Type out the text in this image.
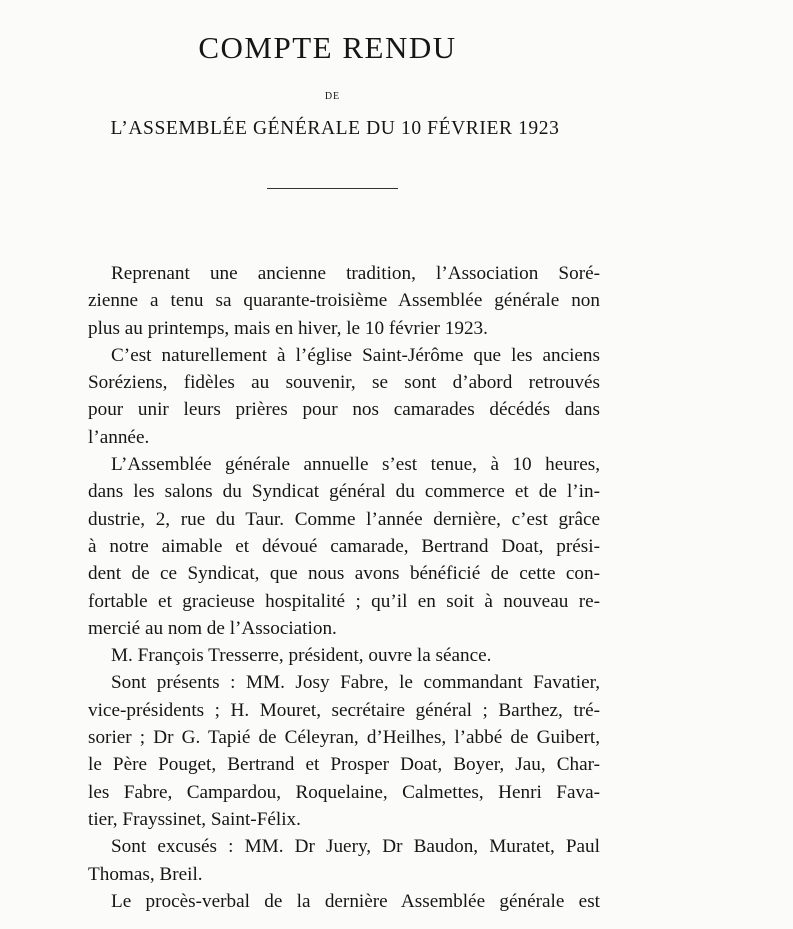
COMPTE RENDU
DE
L’ASSEMBLÉE GÉNÉRALE DU 10 FÉVRIER 1923
Reprenant une ancienne tradition, l’Association Soré-
zienne a tenu sa quarante-troisième Assemblée générale non
plus au printemps, mais en hiver, le 10 février 1923.
C’est naturellement à l’église Saint-Jérôme que les anciens
Soréziens, fidèles au souvenir, se sont d’abord retrouvés
pour unir leurs prières pour nos camarades décédés dans
l’année.
L’Assemblée générale annuelle s’est tenue, à 10 heures,
dans les salons du Syndicat général du commerce et de l’in-
dustrie, 2, rue du Taur. Comme l’année dernière, c’est grâce
à notre aimable et dévoué camarade, Bertrand Doat, prési-
dent de ce Syndicat, que nous avons bénéficié de cette con-
fortable et gracieuse hospitalité ; qu’il en soit à nouveau re-
mercié au nom de l’Association.
M. François Tresserre, président, ouvre la séance.
Sont présents : MM. Josy Fabre, le commandant Favatier,
vice-présidents ; H. Mouret, secrétaire général ; Barthez, tré-
sorier ; Dr G. Tapié de Céleyran, d’Heilhes, l’abbé de Guibert,
le Père Pouget, Bertrand et Prosper Doat, Boyer, Jau, Char-
les Fabre, Campardou, Roquelaine, Calmettes, Henri Fava-
tier, Frayssinet, Saint-Félix.
Sont excusés : MM. Dr Juery, Dr Baudon, Muratet, Paul
Thomas, Breil.
Le procès-verbal de la dernière Assemblée générale est
